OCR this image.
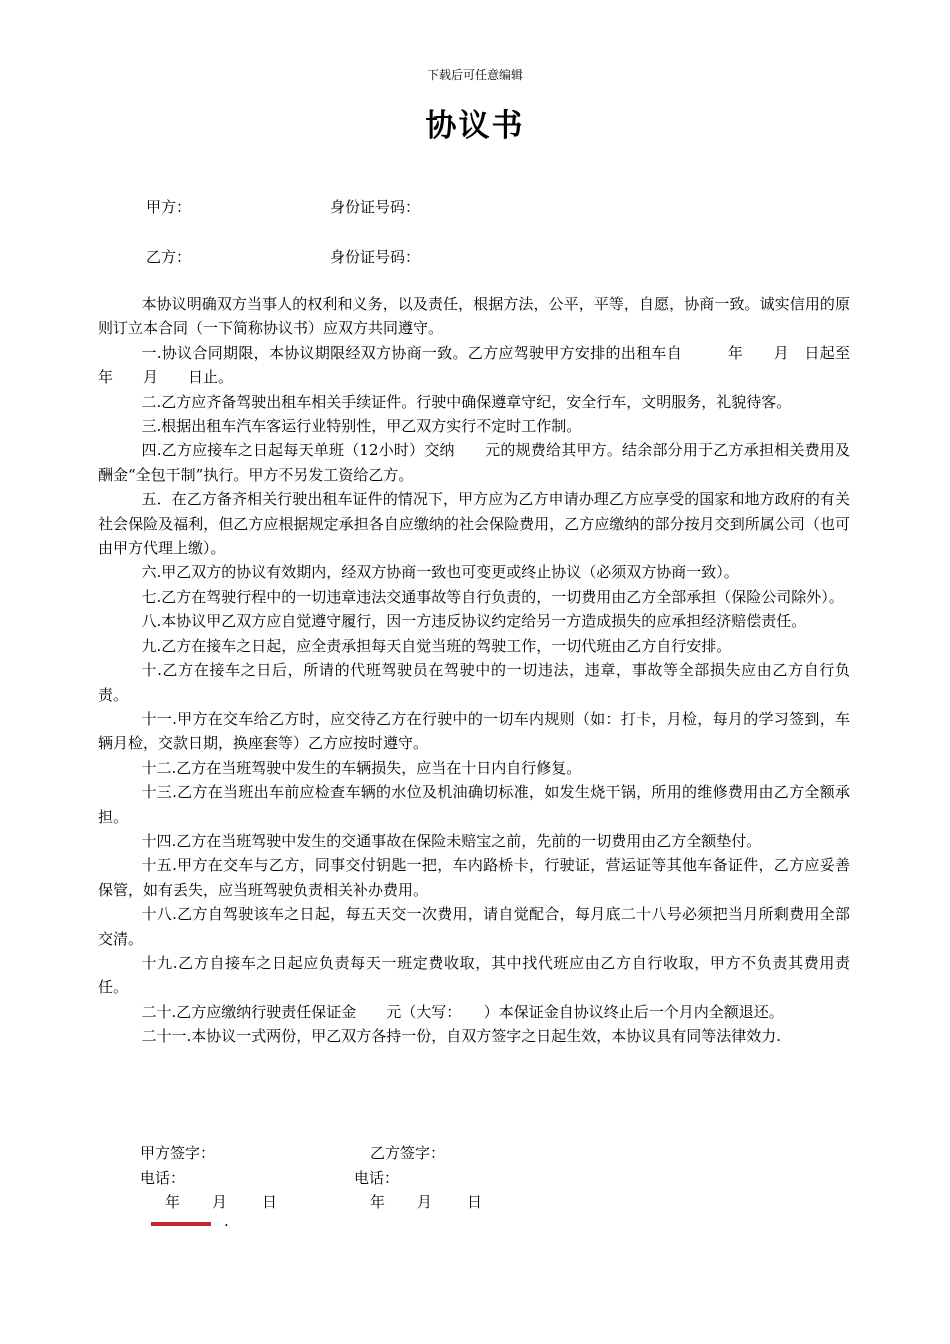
下载后可任意编辑
协议书
甲方：	身份证号码：
乙方：	身份证号码：

本协议明确双方当事人的权利和义务，以及责任，根据方法，公平，平等，自愿，协商一致。诚实信用的原则订立本合同（一下简称协议书）应双方共同遵守。

一.协议合同期限，本协议期限经双方协商一致。乙方应驾驶甲方安排的出租车自　　　年　　月　日起至　　年　　月　　日止。

二.乙方应齐备驾驶出租车相关手续证件。行驶中确保遵章守纪，安全行车，文明服务，礼貌待客。

三.根据出租车汽车客运行业特别性，甲乙双方实行不定时工作制。

四.乙方应接车之日起每天单班（12小时）交纳　　元的规费给其甲方。结余部分用于乙方承担相关费用及酬金“全包干制”执行。甲方不另发工资给乙方。

五．在乙方备齐相关行驶出租车证件的情况下，甲方应为乙方申请办理乙方应享受的国家和地方政府的有关社会保险及福利，但乙方应根据规定承担各自应缴纳的社会保险费用，乙方应缴纳的部分按月交到所属公司（也可由甲方代理上缴）。

六.甲乙双方的协议有效期内，经双方协商一致也可变更或终止协议（必须双方协商一致）。

七.乙方在驾驶行程中的一切违章违法交通事故等自行负责的，一切费用由乙方全部承担（保险公司除外）。

八.本协议甲乙双方应自觉遵守履行，因一方违反协议约定给另一方造成损失的应承担经济赔偿责任。

九.乙方在接车之日起，应全责承担每天自觉当班的驾驶工作，一切代班由乙方自行安排。

十.乙方在接车之日后，所请的代班驾驶员在驾驶中的一切违法，违章，事故等全部损失应由乙方自行负责。

十一.甲方在交车给乙方时，应交待乙方在行驶中的一切车内规则（如：打卡，月检，每月的学习签到，车辆月检，交款日期，换座套等）乙方应按时遵守。

十二.乙方在当班驾驶中发生的车辆损失，应当在十日内自行修复。

十三.乙方在当班出车前应检查车辆的水位及机油确切标准，如发生烧干锅，所用的维修费用由乙方全额承担。

十四.乙方在当班驾驶中发生的交通事故在保险未赔宝之前，先前的一切费用由乙方全额垫付。

十五.甲方在交车与乙方，同事交付钥匙一把，车内路桥卡，行驶证，营运证等其他车备证件，乙方应妥善保管，如有丢失，应当班驾驶负责相关补办费用。

十八.乙方自驾驶该车之日起，每五天交一次费用，请自觉配合，每月底二十八号必须把当月所剩费用全部交清。

十九.乙方自接车之日起应负责每天一班定费收取，其中找代班应由乙方自行收取，甲方不负责其费用责任。

二十.乙方应缴纳行驶责任保证金　　元（大写：　　）本保证金自协议终止后一个月内全额退还。

二十一.本协议一式两份，甲乙双方各持一份，自双方签字之日起生效，本协议具有同等法律效力.

甲方签字：	乙方签字：
电话：	电话：
年 月 日	年 月 日
.
